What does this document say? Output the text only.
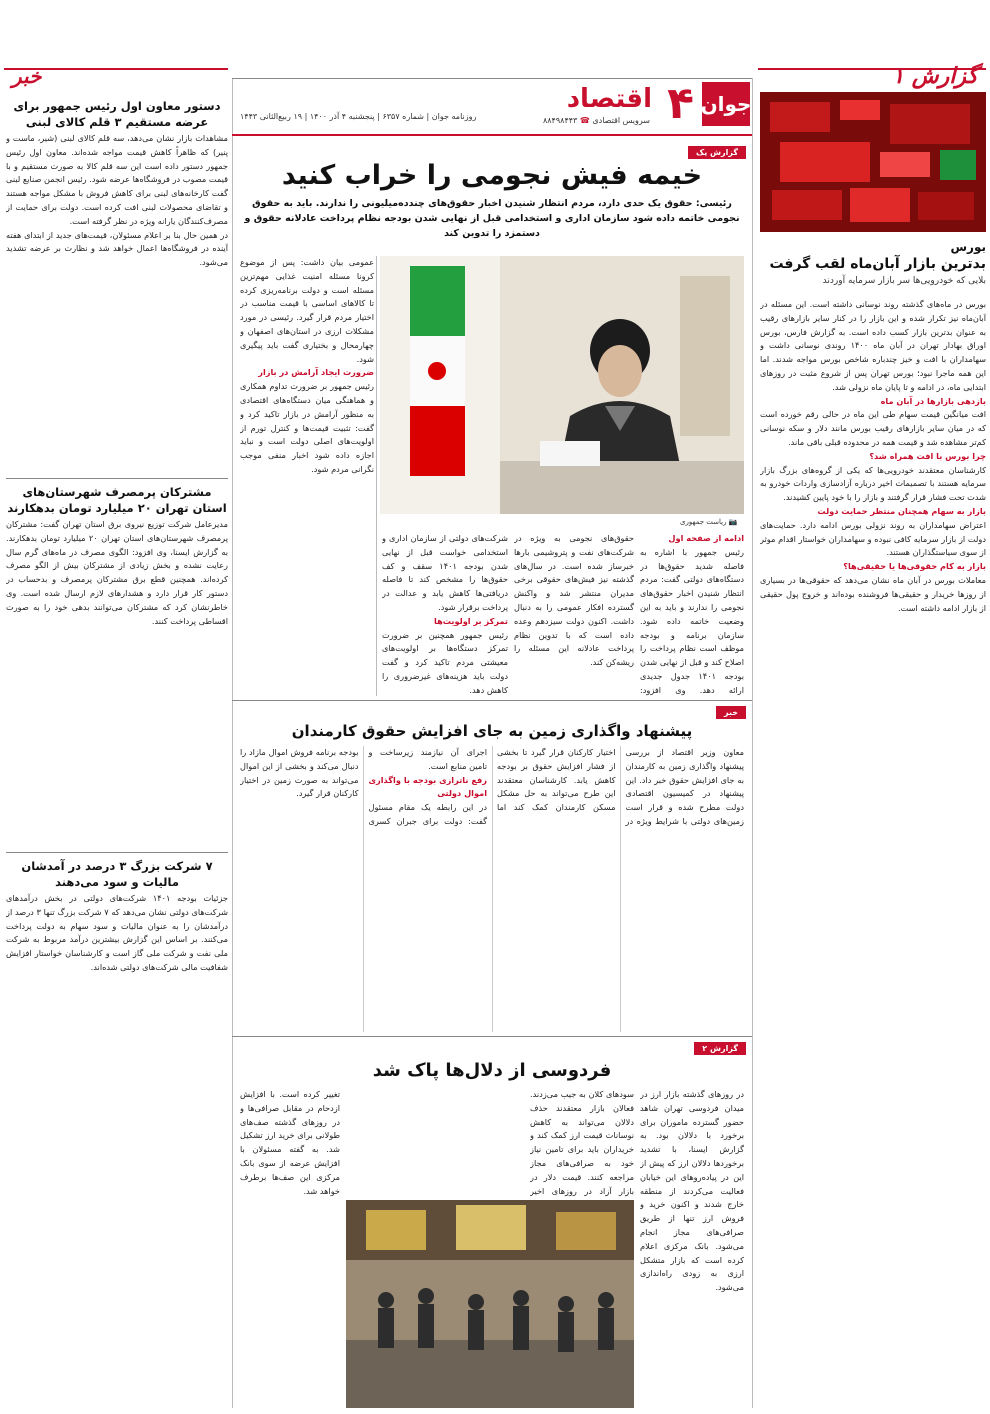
جوان
۴
اقتصاد
سرویس اقتصادی ☎ ۸۸۴۹۸۴۴۳
روزنامه جوان | شماره ۶۳۵۷ | پنجشنبه ۴ آذر ۱۴۰۰ | ۱۹ ربیع‌الثانی ۱۴۴۳
گزارش ۱
بورس
بدترین بازار آبان‌ماه لقب گرفت
بلایی که خودرویی‌ها سر بازار سرمایه آوردند

بورس در ماه‌های گذشته روند نوسانی داشته است. این مسئله در آبان‌ماه نیز تکرار شده و این بازار را در کنار سایر بازارهای رقیب به عنوان بدترین بازار کسب داده است. به گزارش فارس، بورس اوراق بهادار تهران در آبان ماه ۱۴۰۰ روندی نوسانی داشت و سهامداران با افت و خیز چندباره شاخص بورس مواجه شدند. اما این همه ماجرا نبود؛ بورس تهران پس از شروع مثبت در روزهای ابتدایی ماه، در ادامه و تا پایان ماه نزولی شد.

بازدهی بازارها در آبان ماه

افت میانگین قیمت سهام طی این ماه در حالی رقم خورده است که در میان سایر بازارهای رقیب بورس مانند دلار و سکه نوسانی کم‌تر مشاهده شد و قیمت همه در محدوده قبلی باقی ماند.

چرا بورس با افت همراه شد؟

کارشناسان معتقدند خودرویی‌ها که یکی از گروه‌های بزرگ بازار سرمایه هستند با تصمیمات اخیر درباره آزادسازی واردات خودرو به شدت تحت فشار قرار گرفتند و بازار را با خود پایین کشیدند.

بازار به سهام همچنان منتظر حمایت دولت

اعتراض سهامداران به روند نزولی بورس ادامه دارد. حمایت‌های دولت از بازار سرمایه کافی نبوده و سهامداران خواستار اقدام موثر از سوی سیاستگذاران هستند.

بازار به کام حقوقی‌ها یا حقیقی‌ها؟

معاملات بورس در آبان ماه نشان می‌دهد که حقوقی‌ها در بسیاری از روزها خریدار و حقیقی‌ها فروشنده بوده‌اند و خروج پول حقیقی از بازار ادامه داشته است.

گزارش یک
خیمه فیش نجومی را خراب کنید
رئیسی: حقوق یک حدی دارد، مردم انتظار شنیدن اخبار حقوق‌های چندده‌میلیونی را ندارند. باید به حقوق نجومی خاتمه داده شود سازمان اداری و استخدامی قبل از نهایی شدن بودجه نظام پرداخت عادلانه حقوق و دستمزد را تدوین کند
📷 ریاست جمهوری

عمومی بیان داشت: پس از موضوع کرونا مسئله امنیت غذایی مهم‌ترین مسئله است و دولت برنامه‌ریزی کرده تا کالاهای اساسی با قیمت مناسب در اختیار مردم قرار گیرد. رئیسی در مورد مشکلات ارزی در استان‌های اصفهان و چهارمحال و بختیاری گفت باید پیگیری شود.

ضرورت ایجاد آرامش در بازار

رئیس جمهور بر ضرورت تداوم همکاری و هماهنگی میان دستگاه‌های اقتصادی به منظور آرامش در بازار تاکید کرد و گفت: تثبیت قیمت‌ها و کنترل تورم از اولویت‌های اصلی دولت است و نباید اجازه داده شود اخبار منفی موجب نگرانی مردم شود.

ادامه از صفحه اول

رئیس جمهور با اشاره به فاصله شدید حقوق‌ها در دستگاه‌های دولتی گفت: مردم انتظار شنیدن اخبار حقوق‌های نجومی را ندارند و باید به این وضعیت خاتمه داده شود. سازمان برنامه و بودجه موظف است نظام پرداخت را اصلاح کند و قبل از نهایی شدن بودجه ۱۴۰۱ جدول جدیدی ارائه دهد. وی افزود:

حقوق‌های نجومی به ویژه در شرکت‌های نفت و پتروشیمی بارها خبرساز شده است. در سال‌های گذشته نیز فیش‌های حقوقی برخی مدیران منتشر شد و واکنش گسترده افکار عمومی را به دنبال داشت. اکنون دولت سیزدهم وعده داده است که با تدوین نظام پرداخت عادلانه این مسئله را ریشه‌کن کند.

شرکت‌های دولتی از سازمان اداری و استخدامی خواست قبل از نهایی شدن بودجه ۱۴۰۱ سقف و کف حقوق‌ها را مشخص کند تا فاصله دریافتی‌ها کاهش یابد و عدالت در پرداخت برقرار شود.

تمرکز بر اولویت‌ها

رئیس جمهور همچنین بر ضرورت تمرکز دستگاه‌ها بر اولویت‌های معیشتی مردم تاکید کرد و گفت دولت باید هزینه‌های غیرضروری را کاهش دهد.

خبر
پیشنهاد واگذاری زمین به جای افزایش حقوق کارمندان

معاون وزیر اقتصاد از بررسی پیشنهاد واگذاری زمین به کارمندان به جای افزایش حقوق خبر داد. این پیشنهاد در کمیسیون اقتصادی دولت مطرح شده و قرار است زمین‌های دولتی با شرایط ویژه در اختیار کارکنان قرار گیرد تا بخشی از فشار افزایش حقوق بر بودجه کاهش یابد. کارشناسان معتقدند این طرح می‌تواند به حل مشکل مسکن کارمندان کمک کند اما اجرای آن نیازمند زیرساخت و تامین منابع است.

رفع ناترازی بودجه با واگذاری اموال دولتی

در این رابطه یک مقام مسئول گفت: دولت برای جبران کسری بودجه برنامه فروش اموال مازاد را دنبال می‌کند و بخشی از این اموال می‌تواند به صورت زمین در اختیار کارکنان قرار گیرد.

گزارش ۲
فردوسی از دلال‌ها پاک شد

در روزهای گذشته بازار ارز در میدان فردوسی تهران شاهد حضور گسترده ماموران برای برخورد با دلالان بود. به گزارش ایسنا، با تشدید برخوردها دلالان ارز که پیش از این در پیاده‌روهای این خیابان فعالیت می‌کردند از منطقه خارج شدند و اکنون خرید و فروش ارز تنها از طریق صرافی‌های مجاز انجام می‌شود. بانک مرکزی اعلام کرده است که بازار متشکل ارزی به زودی راه‌اندازی می‌شود.

سودهای کلان به جیب می‌زدند. فعالان بازار معتقدند حذف دلالان می‌تواند به کاهش نوسانات قیمت ارز کمک کند و خریداران باید برای تامین نیاز خود به صرافی‌های مجاز مراجعه کنند. قیمت دلار در بازار آزاد در روزهای اخیر

تغییر کرده است. با افزایش ازدحام در مقابل صرافی‌ها و در روزهای گذشته صف‌های طولانی برای خرید ارز تشکیل شد. به گفته مسئولان با افزایش عرضه از سوی بانک مرکزی این صف‌ها برطرف خواهد شد.

خبر
دستور معاون اول رئیس جمهور برای عرضه مستقیم ۳ قلم کالای لبنی

مشاهدات بازار نشان می‌دهد، سه قلم کالای لبنی (شیر، ماست و پنیر) که ظاهراً کاهش قیمت مواجه شده‌اند. معاون اول رئیس جمهور دستور داده است این سه قلم کالا به صورت مستقیم و با قیمت مصوب در فروشگاه‌ها عرضه شود. رئیس انجمن صنایع لبنی گفت کارخانه‌های لبنی برای کاهش فروش با مشکل مواجه هستند و تقاضای محصولات لبنی افت کرده است. دولت برای حمایت از مصرف‌کنندگان یارانه ویژه در نظر گرفته است.

در همین حال بنا بر اعلام مسئولان، قیمت‌های جدید از ابتدای هفته آینده در فروشگاه‌ها اعمال خواهد شد و نظارت بر عرضه تشدید می‌شود.

مشترکان پرمصرف شهرستان‌های استان تهران ۲۰ میلیارد تومان بدهکارند

مدیرعامل شرکت توزیع نیروی برق استان تهران گفت: مشترکان پرمصرف شهرستان‌های استان تهران ۲۰ میلیارد تومان بدهکارند. به گزارش ایسنا، وی افزود: الگوی مصرف در ماه‌های گرم سال رعایت نشده و بخش زیادی از مشترکان بیش از الگو مصرف کرده‌اند. همچنین قطع برق مشترکان پرمصرف و بدحساب در دستور کار قرار دارد و هشدارهای لازم ارسال شده است. وی خاطرنشان کرد که مشترکان می‌توانند بدهی خود را به صورت اقساطی پرداخت کنند.

۷ شرکت بزرگ ۳ درصد در آمدشان مالیات و سود می‌دهند

جزئیات بودجه ۱۴۰۱ شرکت‌های دولتی در بخش درآمدهای شرکت‌های دولتی نشان می‌دهد که ۷ شرکت بزرگ تنها ۳ درصد از درآمدشان را به عنوان مالیات و سود سهام به دولت پرداخت می‌کنند. بر اساس این گزارش بیشترین درآمد مربوط به شرکت ملی نفت و شرکت ملی گاز است و کارشناسان خواستار افزایش شفافیت مالی شرکت‌های دولتی شده‌اند.
